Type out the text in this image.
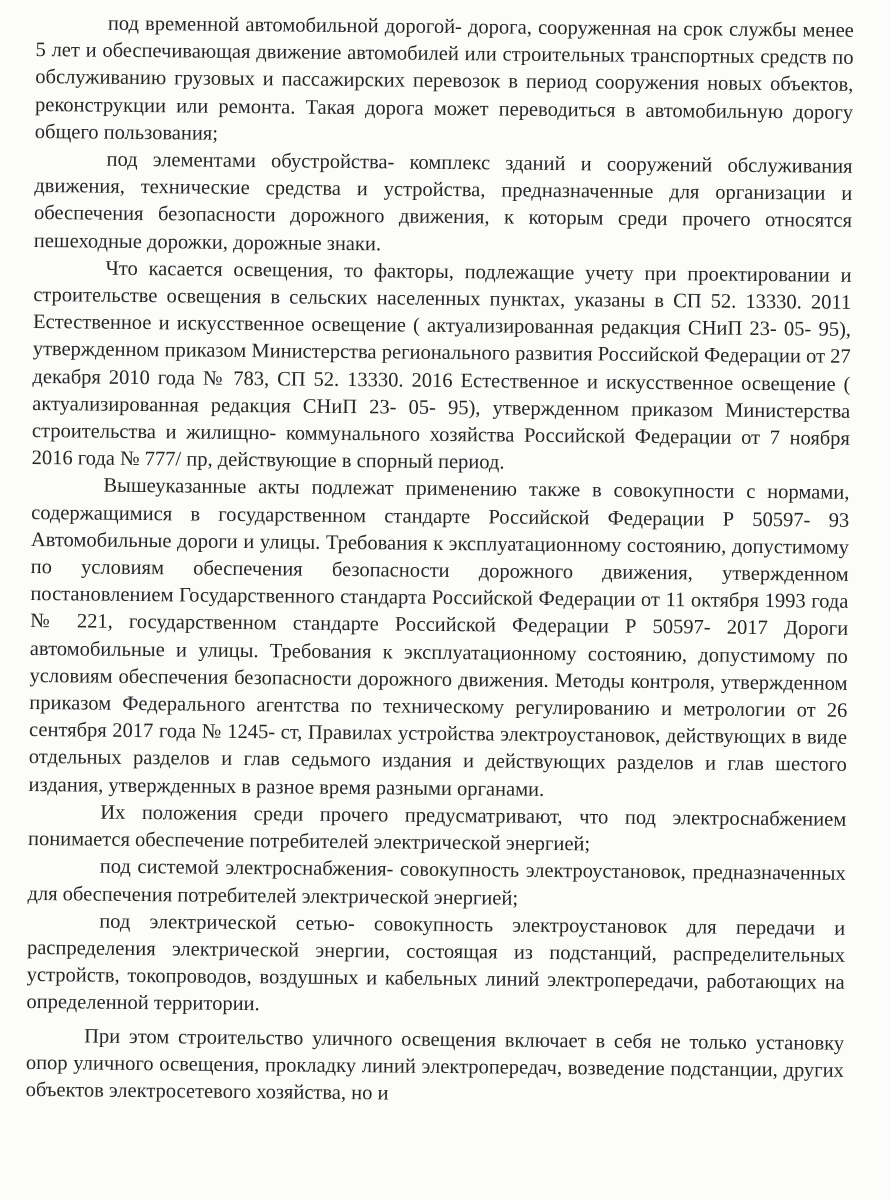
под временной автомобильной дорогой- дорога, сооруженная на срок службы менее 5 лет и обеспечивающая движение автомобилей или строительных транспортных средств по обслуживанию грузовых и пассажирских перевозок в период сооружения новых объектов, реконструкции или ремонта. Такая дорога может переводиться в автомобильную дорогу общего пользования;

под элементами обустройства- комплекс зданий и сооружений обслуживания движения, технические средства и устройства, предназначенные для организации и обеспечения безопасности дорожного движения, к которым среди прочего относятся пешеходные дорожки, дорожные знаки.

Что касается освещения, то факторы, подлежащие учету при проектировании и строительстве освещения в сельских населенных пунктах, указаны в СП 52. 13330. 2011 Естественное и искусственное освещение ( актуализированная редакция СНиП 23- 05- 95), утвержденном приказом Министерства регионального развития Российской Федерации от 27 декабря 2010 года № 783, СП 52. 13330. 2016 Естественное и искусственное освещение ( актуализированная редакция СНиП 23- 05- 95), утвержденном приказом Министерства строительства и жилищно- коммунального хозяйства Российской Федерации от 7 ноября 2016 года № 777/ пр, действующие в спорный период.

Вышеуказанные акты подлежат применению также в совокупности с нормами, содержащимися в государственном стандарте Российской Федерации Р 50597- 93 Автомобильные дороги и улицы. Требования к эксплуатационному состоянию, допустимому по условиям обеспечения безопасности дорожного движения, утвержденном постановлением Государственного стандарта Российской Федерации от 11 октября 1993 года № 221, государственном стандарте Российской Федерации Р 50597- 2017 Дороги автомобильные и улицы. Требования к эксплуатационному состоянию, допустимому по условиям обеспечения безопасности дорожного движения. Методы контроля, утвержденном приказом Федерального агентства по техническому регулированию и метрологии от 26 сентября 2017 года № 1245- ст, Правилах устройства электроустановок, действующих в виде отдельных разделов и глав седьмого издания и действующих разделов и глав шестого издания, утвержденных в разное время разными органами.

Их положения среди прочего предусматривают, что под электроснабжением понимается обеспечение потребителей электрической энергией;

под системой электроснабжения- совокупность электроустановок, предназначенных для обеспечения потребителей электрической энергией;

под электрической сетью- совокупность электроустановок для передачи и распределения электрической энергии, состоящая из подстанций, распределительных устройств, токопроводов, воздушных и кабельных линий электропередачи, работающих на определенной территории.

При этом строительство уличного освещения включает в себя не только установку опор уличного освещения, прокладку линий электропередач, возведение подстанции, других объектов электросетевого хозяйства, но и
